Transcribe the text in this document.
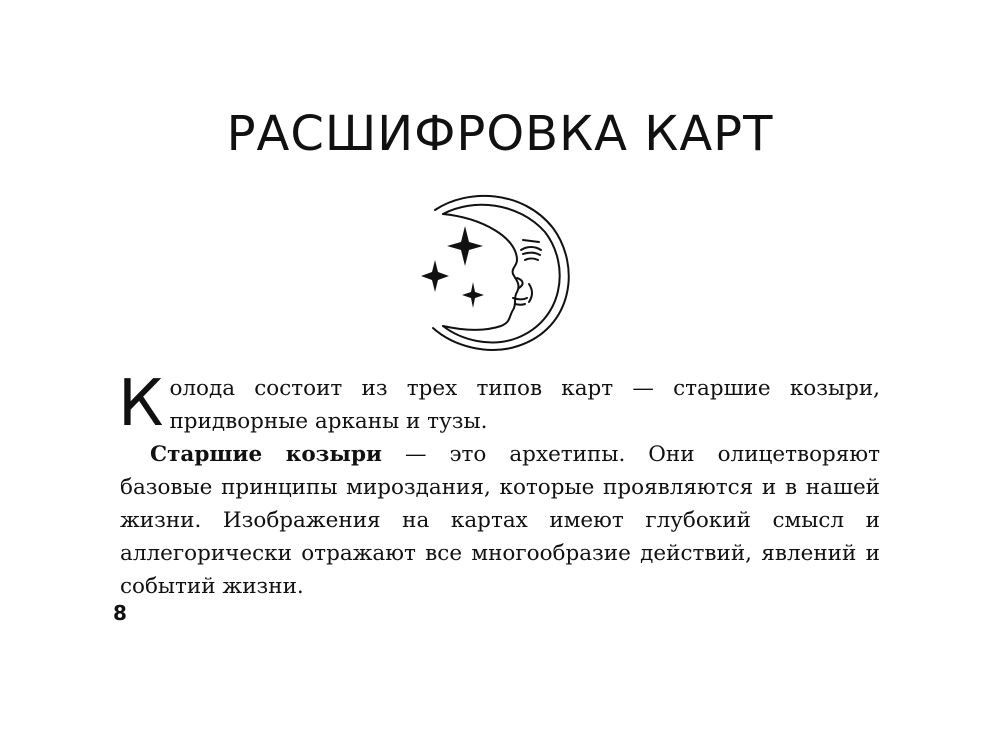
РАСШИФРОВКА КАРТ

Колода состоит из трех типов карт — старшие козыри, придворные арканы и тузы.

Старшие козыри — это архетипы. Они олицетворяют базовые принципы мироздания, которые проявляются и в нашей жизни. Изображения на картах имеют глубокий смысл и аллегорически отражают все многообразие действий, явлений и событий жизни.

8
